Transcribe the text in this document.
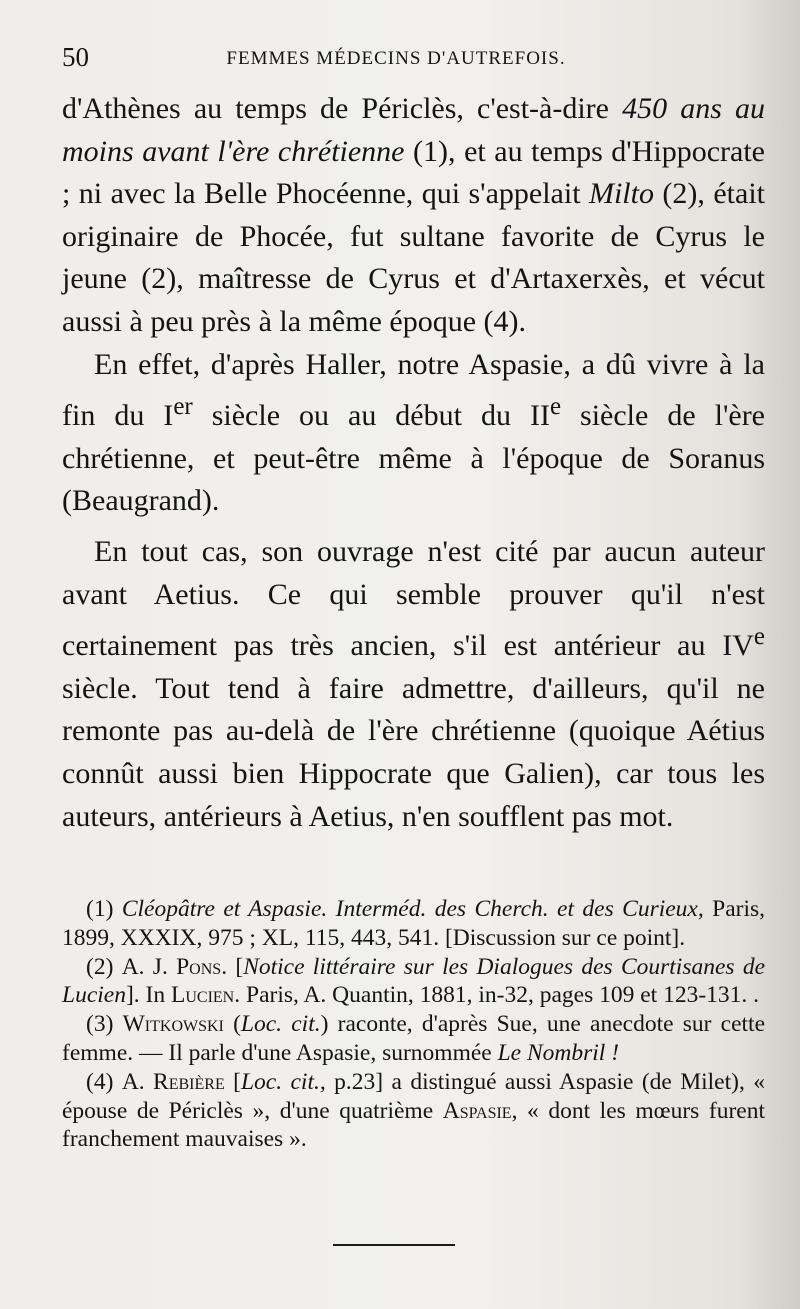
50	FEMMES MÉDECINS D'AUTREFOIS.

d'Athènes au temps de Périclès, c'est-à-dire 450 ans au moins avant l'ère chrétienne (1), et au temps d'Hippocrate ; ni avec la Belle Phocéenne, qui s'appelait Milto (2), était originaire de Phocée, fut sultane favorite de Cyrus le jeune (2), maîtresse de Cyrus et d'Artaxerxès, et vécut aussi à peu près à la même époque (4).

En effet, d'après Haller, notre Aspasie, a dû vivre à la fin du Ier siècle ou au début du IIe siècle de l'ère chrétienne, et peut-être même à l'époque de Soranus (Beaugrand).

En tout cas, son ouvrage n'est cité par aucun auteur avant Aetius. Ce qui semble prouver qu'il n'est certainement pas très ancien, s'il est antérieur au IVe siècle. Tout tend à faire admettre, d'ailleurs, qu'il ne remonte pas au-delà de l'ère chrétienne (quoique Aétius connût aussi bien Hippocrate que Galien), car tous les auteurs, antérieurs à Aetius, n'en soufflent pas mot.

(1) Cléopâtre et Aspasie. Interméd. des Cherch. et des Curieux, Paris, 1899, XXXIX, 975 ; XL, 115, 443, 541. [Discussion sur ce point].

(2) A. J. Pons. [Notice littéraire sur les Dialogues des Courtisanes de Lucien]. In Lucien. Paris, A. Quantin, 1881, in-32, pages 109 et 123-131. .

(3) Witkowski (Loc. cit.) raconte, d'après Sue, une anecdote sur cette femme. — Il parle d'une Aspasie, surnommée Le Nombril !

(4) A. Rebière [Loc. cit., p.23] a distingué aussi Aspasie (de Milet), « épouse de Périclès », d'une quatrième Aspasie, « dont les mœurs furent franchement mauvaises ».
